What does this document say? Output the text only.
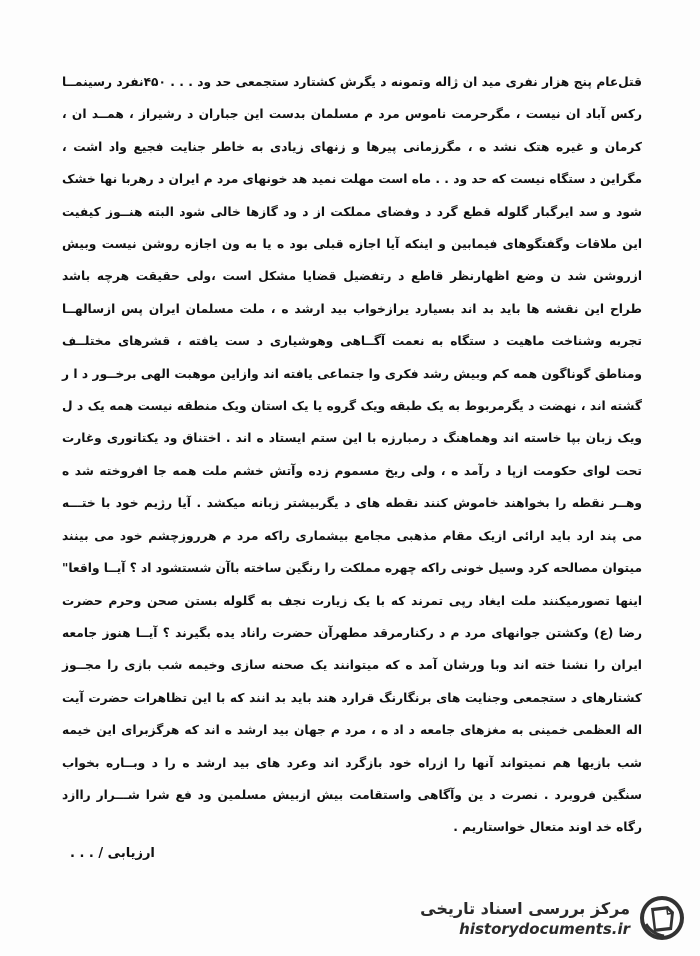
قتل‌عام پنج هزار نفری مید ان ژاله وتمونه د یگرش کشتارد ستجمعی حد ود . . . ۴۵۰نفرد رسینمــا رکس آباد ان نیست ، مگرحرمت ناموس مرد م مسلمان بدست این جباران د رشیراز ، همــد ان ، کرمان و غیره هتک نشد ه ، مگرزمانی پیرها و زنهای زیادی به خاطر جنایت فجیع واد اشت ، مگراین د ستگاه نیست که حد ود . . ماه است مهلت نمید هد خونهای مرد م ایران د رهربا نها خشک شود و سد ایرگبار گلوله قطع گرد د وفضای مملکت از د ود گازها خالی شود البته هنــوز کیفیت این ملاقات وگفتگوهای فیمابین و اینکه آیا اجازه قبلی بود ه یا به ون اجازه روشن نیست وبیش ازروشن شد ن وضع اظهارنظر قاطع د رتفضیل قضایا مشکل است ،ولی حقیقت هرچه باشد طراح این نقشه ها باید بد اند بسیارد یرازخواب بید ارشد ه ، ملت مسلمان ایران پس ازسالهــا تجربه وشناخت ماهیت د ستگاه به نعمت آگــاهی وهوشیاری د ست یافته ، قشرهای مختلــف ومناطق گوناگون همه کم وبیش رشد فکری وا جتماعی یافته اند وازاین موهبت الهی برخــور د ا ر گشته اند ، نهضت د یگرمربوط به یک طبقه ویک گروه یا یک استان ویک منطقه نیست همه یک د ل ویک زبان بپا خاسته اند وهماهنگ د رمبارزه با این ستم ایستاد ه اند . اختناق ود یکتاتوری وغارت تحت لوای حکومت ازپا د رآمد ه ، ولی ریخ مسموم زده وآتش خشم ملت همه جا افروخته شد ه وهــر نقطه را بخواهند خاموش کنند نقطه های د یگربیشتر زبانه میکشد . آیا رژیم خود با ختـــه می پند ارد باید ارائی ازیک مقام مذهبی مجامع بیشماری راکه مرد م هرروزچشم خود می بینند میتوان مصالحه کرد وسیل خونی راکه چهره مملکت را رنگین ساخته باآن شستشود اد ؟ آیــا واقعا" اینها تصورمیکنند ملت ایغاد رپی تمرند که با یک زیارت نجف به گلوله بستن صحن وحرم حضرت رضا (ع) وکشتن جوانهای مرد م د رکنارمرقد مطهرآن حضرت راناد یده بگیرند ؟ آیــا هنوز جامعه ایران را نشنا خته اند وبا ورشان آمد ه که میتوانند یک صحنه سازی وخیمه شب بازی را مجــوز کشتارهای د ستجمعی وجنایت های برنگارنگ قرارد هند باید بد انند که با این تظاهرات حضرت آیت اله العظمی خمینی به مغزهای جامعه د اد ه ، مرد م جهان بید ارشد ه اند که هرگزبرای این خیمه شب بازیها هم نمیتواند آنها را ازراه خود بازگرد اند وعرد های بید ارشد ه را د وبــاره بخواب سنگین فروبرد . نصرت د ین وآگاهی واستقامت بیش ازبیش مسلمین ود فع شرا شـــرار راازد رگاه خد اوند متعال خواستاریم .

ارزیابی / . . .
مرکز بررسی اسناد تاریخی
historydocuments.ir
